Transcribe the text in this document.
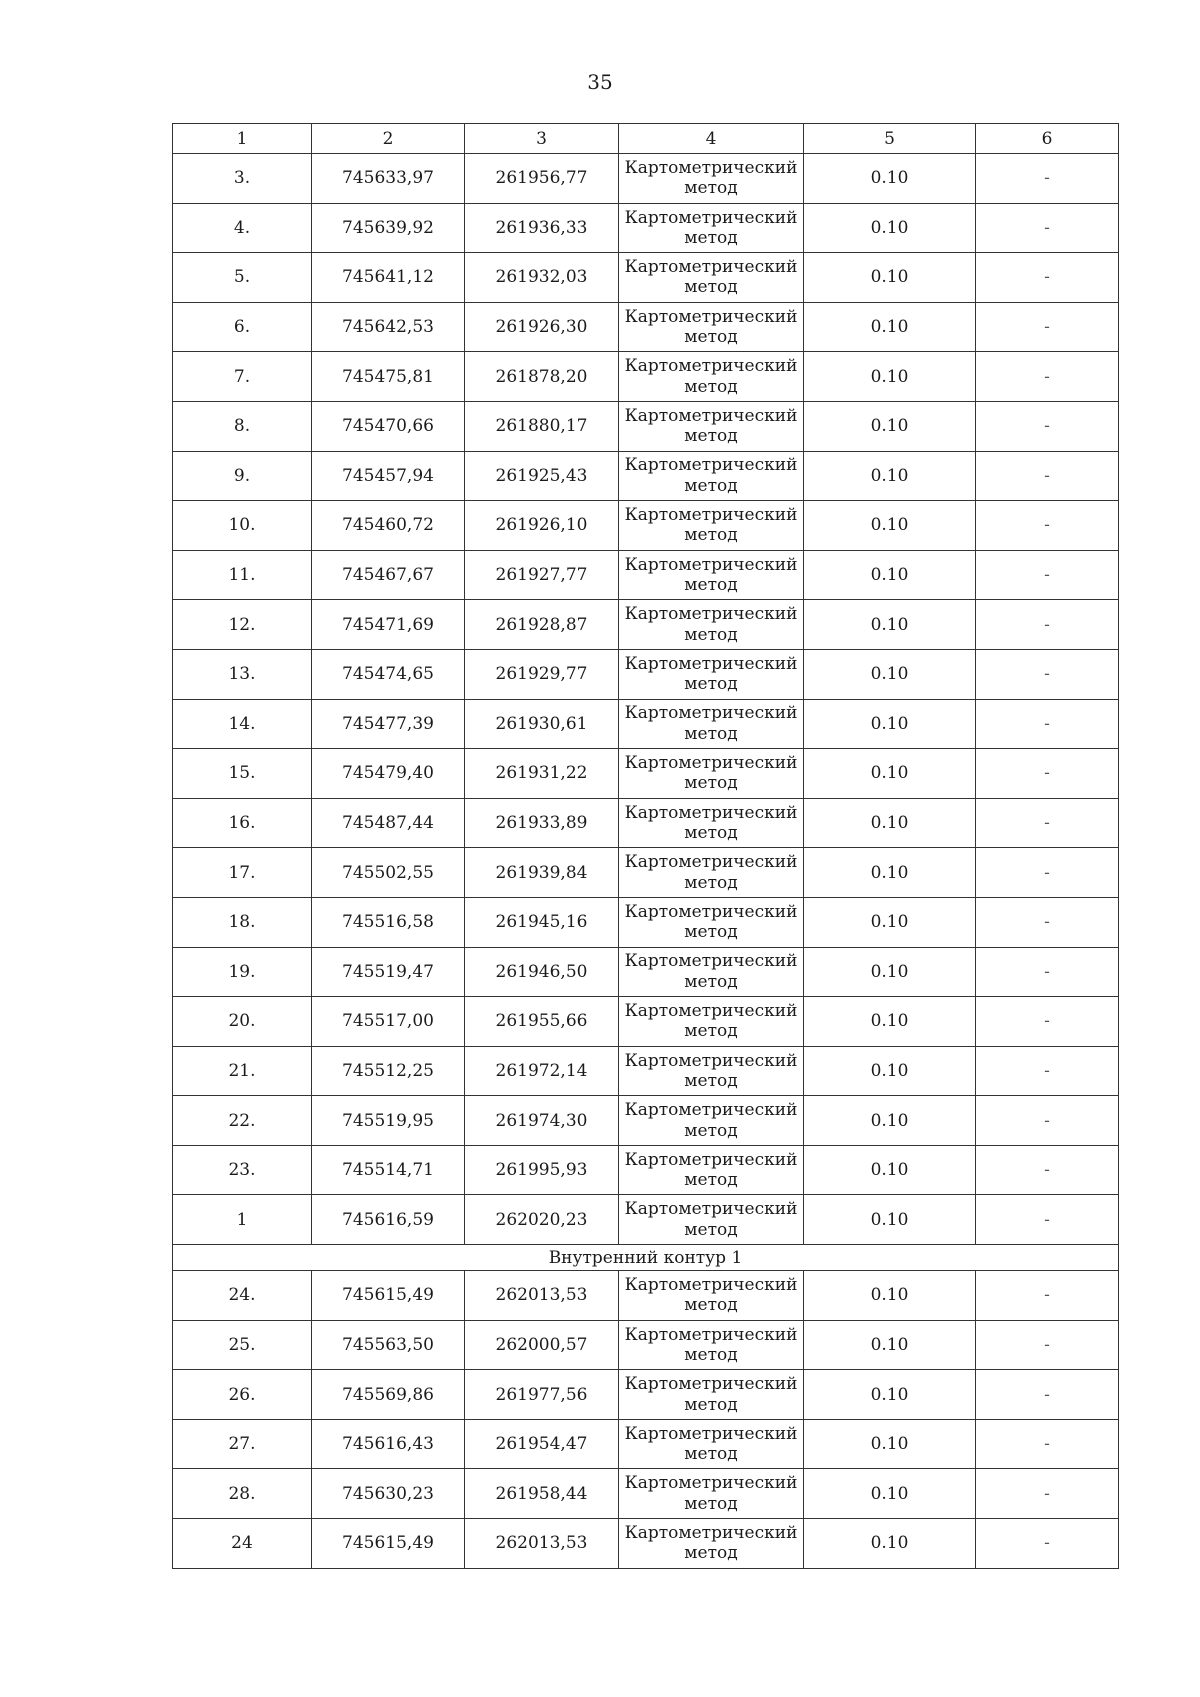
35
1	2	3	4	5	6
3.	745633,97	261956,77	Картометрический метод	0.10	-
4.	745639,92	261936,33	Картометрический метод	0.10	-
5.	745641,12	261932,03	Картометрический метод	0.10	-
6.	745642,53	261926,30	Картометрический метод	0.10	-
7.	745475,81	261878,20	Картометрический метод	0.10	-
8.	745470,66	261880,17	Картометрический метод	0.10	-
9.	745457,94	261925,43	Картометрический метод	0.10	-
10.	745460,72	261926,10	Картометрический метод	0.10	-
11.	745467,67	261927,77	Картометрический метод	0.10	-
12.	745471,69	261928,87	Картометрический метод	0.10	-
13.	745474,65	261929,77	Картометрический метод	0.10	-
14.	745477,39	261930,61	Картометрический метод	0.10	-
15.	745479,40	261931,22	Картометрический метод	0.10	-
16.	745487,44	261933,89	Картометрический метод	0.10	-
17.	745502,55	261939,84	Картометрический метод	0.10	-
18.	745516,58	261945,16	Картометрический метод	0.10	-
19.	745519,47	261946,50	Картометрический метод	0.10	-
20.	745517,00	261955,66	Картометрический метод	0.10	-
21.	745512,25	261972,14	Картометрический метод	0.10	-
22.	745519,95	261974,30	Картометрический метод	0.10	-
23.	745514,71	261995,93	Картометрический метод	0.10	-
1	745616,59	262020,23	Картометрический метод	0.10	-
Внутренний контур 1					
24.	745615,49	262013,53	Картометрический метод	0.10	-
25.	745563,50	262000,57	Картометрический метод	0.10	-
26.	745569,86	261977,56	Картометрический метод	0.10	-
27.	745616,43	261954,47	Картометрический метод	0.10	-
28.	745630,23	261958,44	Картометрический метод	0.10	-
24	745615,49	262013,53	Картометрический метод	0.10	-
